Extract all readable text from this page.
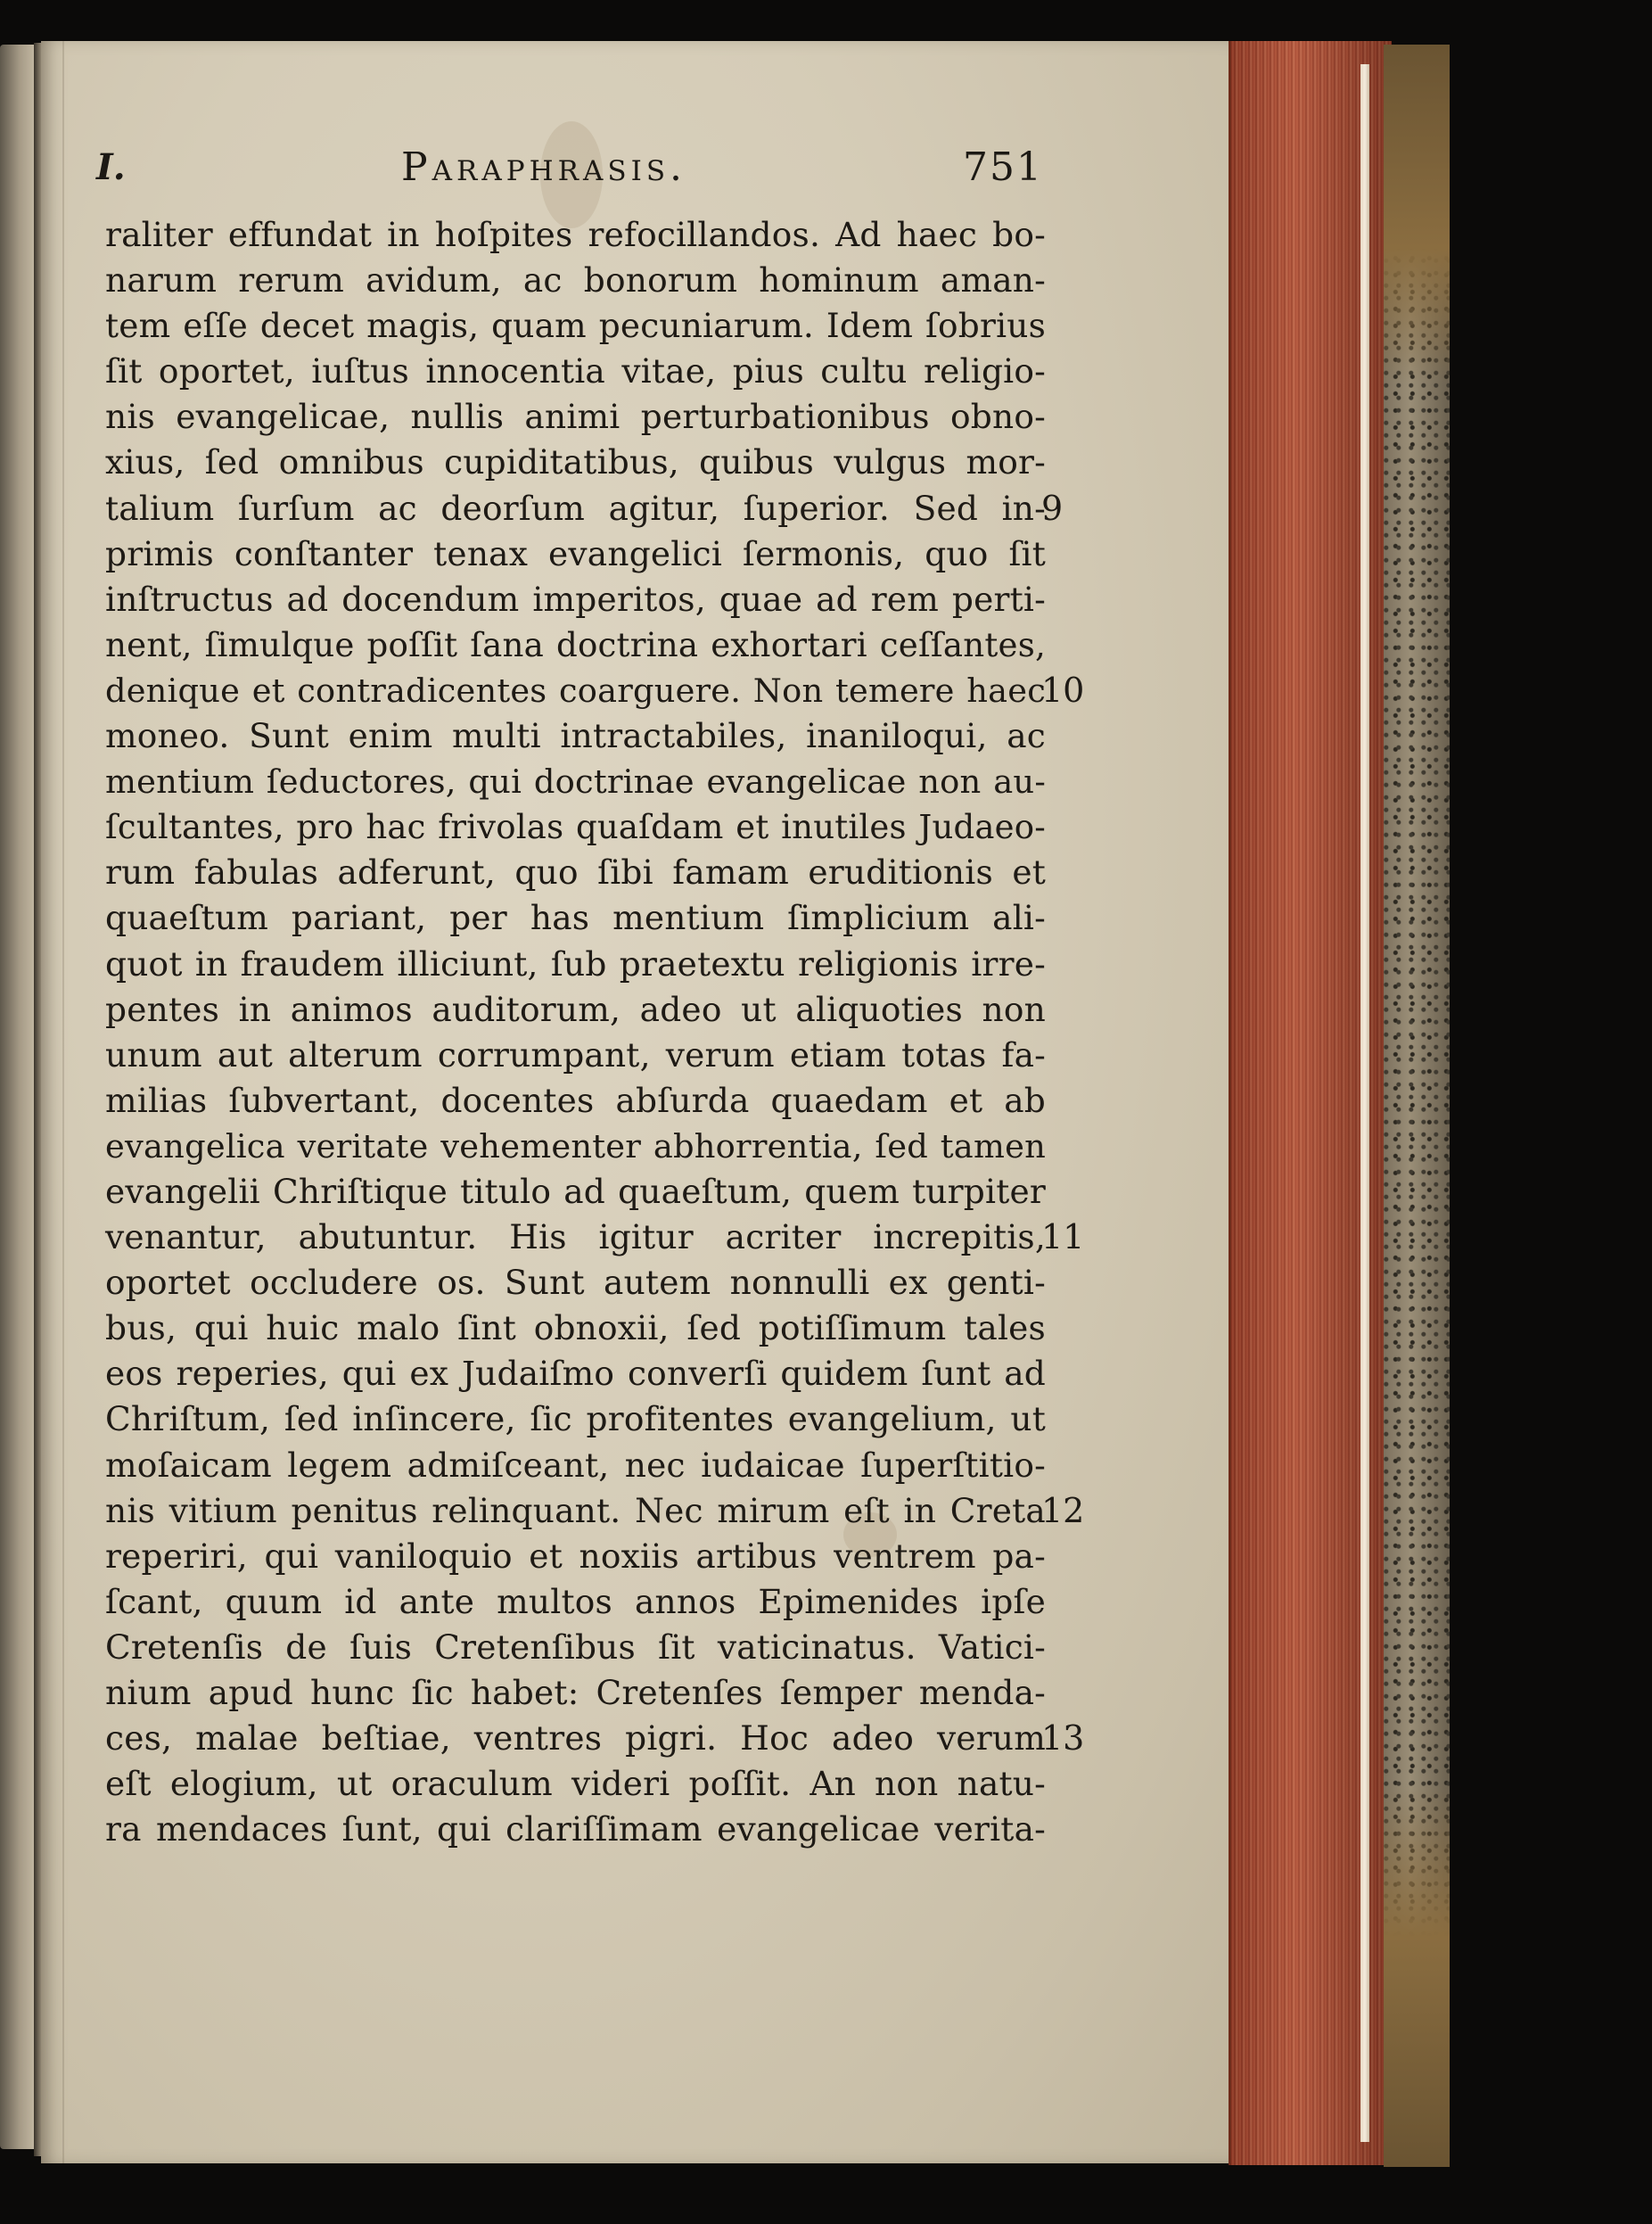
I.	Paraphrasis.	751
raliter effundat in hoſpites refocillandos. Ad haec bo-
narum rerum avidum, ac bonorum hominum aman-
tem eſſe decet magis, quam pecuniarum. Idem ſobrius
ſit oportet, iuſtus innocentia vitae, pius cultu religio-
nis evangelicae, nullis animi perturbationibus obno-
xius, ſed omnibus cupiditatibus, quibus vulgus mor-
talium ſurſum ac deorſum agitur, ſuperior. Sed in-
primis conſtanter tenax evangelici ſermonis, quo ſit
inſtructus ad docendum imperitos, quae ad rem perti-
nent, ſimulque poſſit ſana doctrina exhortari ceſſantes,
denique et contradicentes coarguere. Non temere haec
moneo. Sunt enim multi intractabiles, inaniloqui, ac
mentium ſeductores, qui doctrinae evangelicae non au-
ſcultantes, pro hac frivolas quaſdam et inutiles Judaeo-
rum fabulas adferunt, quo ſibi famam eruditionis et
quaeſtum pariant, per has mentium ſimplicium ali-
quot in fraudem illiciunt, ſub praetextu religionis irre-
pentes in animos auditorum, adeo ut aliquoties non
unum aut alterum corrumpant, verum etiam totas fa-
milias ſubvertant, docentes abſurda quaedam et ab
evangelica veritate vehementer abhorrentia, ſed tamen
evangelii Chriſtique titulo ad quaeſtum, quem turpiter
venantur, abutuntur. His igitur acriter increpitis,
oportet occludere os. Sunt autem nonnulli ex genti-
bus, qui huic malo ſint obnoxii, ſed potiſſimum tales
eos reperies, qui ex Judaiſmo converſi quidem ſunt ad
Chriſtum, ſed inſincere, ſic profitentes evangelium, ut
moſaicam legem admiſceant, nec iudaicae ſuperſtitio-
nis vitium penitus relinquant. Nec mirum eſt in Creta
reperiri, qui vaniloquio et noxiis artibus ventrem pa-
ſcant, quum id ante multos annos Epimenides ipſe
Cretenſis de ſuis Cretenſibus ſit vaticinatus. Vatici-
nium apud hunc ſic habet: Cretenſes ſemper menda-
ces, malae beſtiae, ventres pigri. Hoc adeo verum
eſt elogium, ut oraculum videri poſſit. An non natu-
ra mendaces ſunt, qui clariſſimam evangelicae verita-
9
10
11
12
13
